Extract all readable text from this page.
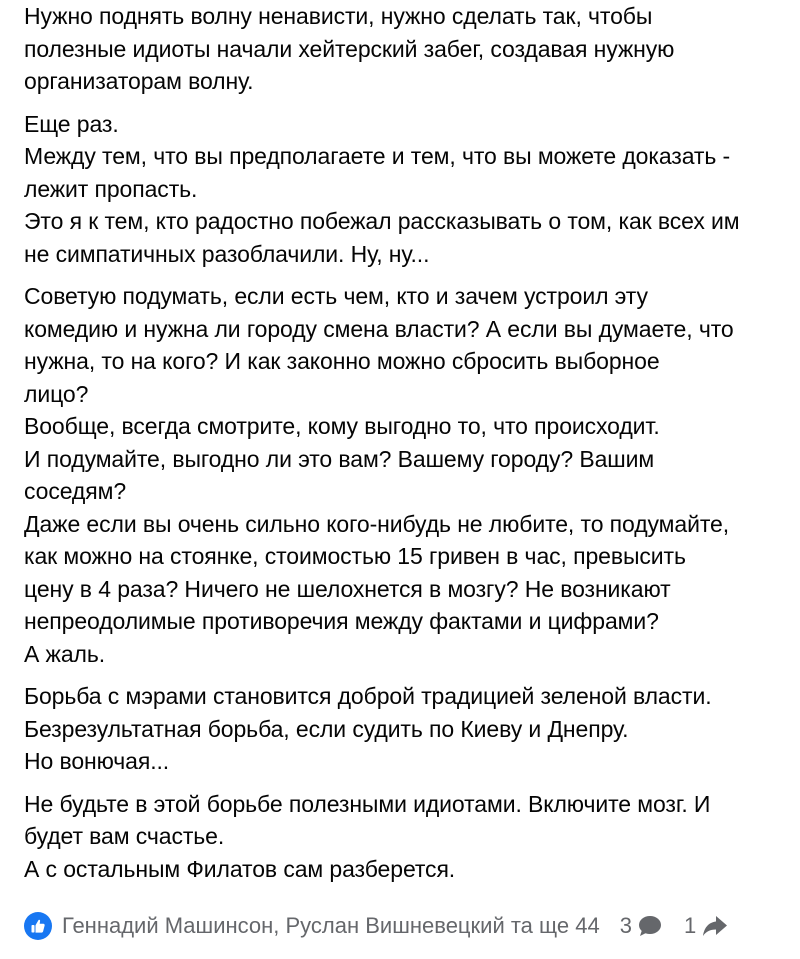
Нужно поднять волну ненависти, нужно сделать так, чтобы
полезные идиоты начали хейтерский забег, создавая нужную
организаторам волну.

Еще раз.
Между тем, что вы предполагаете и тем, что вы можете доказать -
лежит пропасть.
Это я к тем, кто радостно побежал рассказывать о том, как всех им
не симпатичных разоблачили. Ну, ну...

Советую подумать, если есть чем, кто и зачем устроил эту
комедию и нужна ли городу смена власти? А если вы думаете, что
нужна, то на кого? И как законно можно сбросить выборное
лицо?
Вообще, всегда смотрите, кому выгодно то, что происходит.
И подумайте, выгодно ли это вам? Вашему городу? Вашим
соседям?
Даже если вы очень сильно кого-нибудь не любите, то подумайте,
как можно на стоянке, стоимостью 15 гривен в час, превысить
цену в 4 раза? Ничего не шелохнется в мозгу? Не возникают
непреодолимые противоречия между фактами и цифрами?
А жаль.

Борьба с мэрами становится доброй традицией зеленой власти.
Безрезультатная борьба, если судить по Киеву и Днепру.
Но вонючая...

Не будьте в этой борьбе полезными идиотами. Включите мозг. И
будет вам счастье.
А с остальным Филатов сам разберется.

Геннадий Машинсон, Руслан Вишневецкий та ще 44 3 1
